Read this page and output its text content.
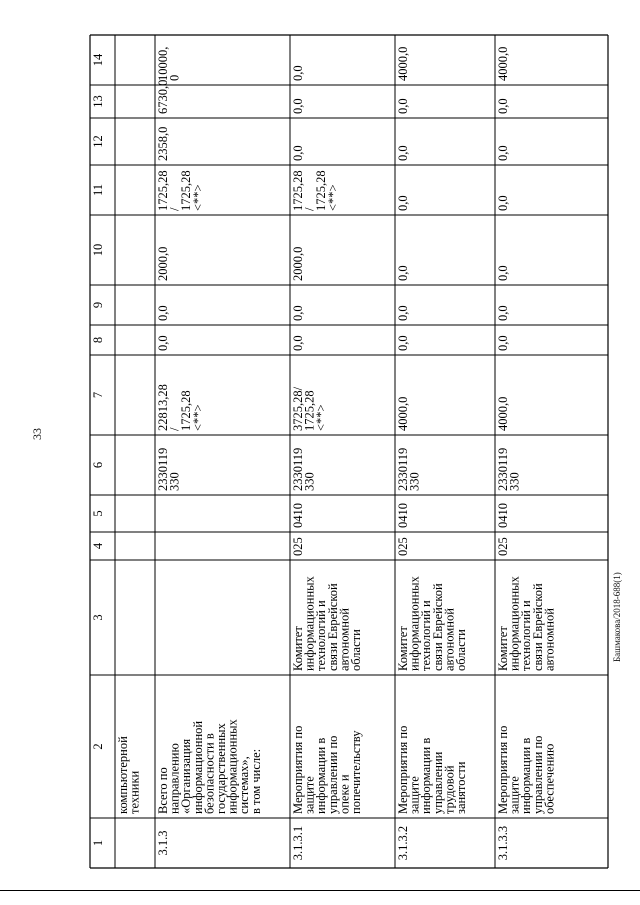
33
Башмакова/2018-688(1)
1
2
3
4
5
6
7
8
9
10
11
12
13
14
компьютерной
техники
3.1.3
Всего по
направлению
«Организация
информационной
безопасности в
государственных
информационных
системах»,
в том числе:
2330119
330
22813,28
/
1725,28
<**>
0,0
0,0
2000,0
1725,28
/
1725,28
<**>
2358,0
6730,0
10000,
0
3.1.3.1
Мероприятия по
защите
информации в
управлении по
опеке и
попечительству
Комитет
информационных
технологий и
связи Еврейской
автономной
области
025
0410
2330119
330
3725,28/
1725,28
<**>
0,0
0,0
2000,0
1725,28
/
1725,28
<**>
0,0
0,0
0,0
3.1.3.2
Мероприятия по
защите
информации в
управлении
трудовой
занятости
Комитет
информационных
технологий и
связи Еврейской
автономной
области
025
0410
2330119
330
4000,0
0,0
0,0
0,0
0,0
0,0
0,0
4000,0
3.1.3.3
Мероприятия по
защите
информации в
управлении по
обеспечению
Комитет
информационных
технологий и
связи Еврейской
автономной
025
0410
2330119
330
4000,0
0,0
0,0
0,0
0,0
0,0
0,0
4000,0
